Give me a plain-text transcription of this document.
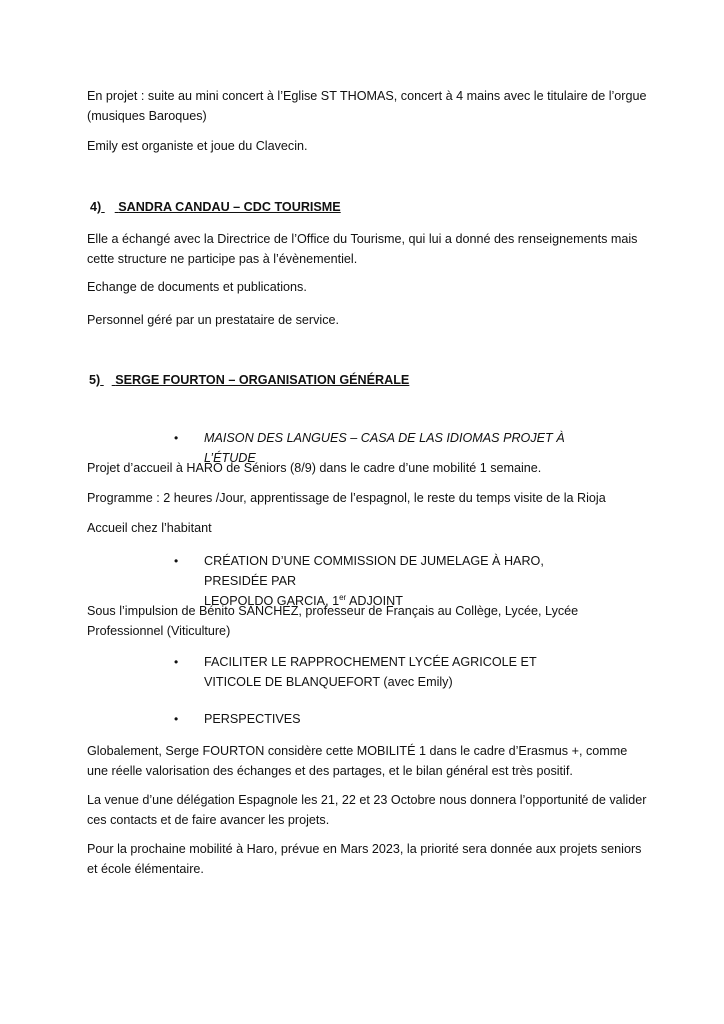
En projet : suite au mini concert à l’Eglise ST THOMAS, concert à 4 mains avec le titulaire de l’orgue (musiques Baroques)

Emily est organiste et joue du Clavecin.

4) SANDRA CANDAU – CDC TOURISME

Elle a échangé avec la Directrice de l’Office du Tourisme, qui lui a donné des renseignements mais cette structure ne participe pas à l’évènementiel.

Echange de documents et publications.

Personnel géré par un prestataire de service.

5) SERGE FOURTON – ORGANISATION GÉNÉRALE
• MAISON DES LANGUES – CASA DE LAS IDIOMAS PROJET À L’ÉTUDE

Projet d’accueil à HARO de Séniors (8/9) dans le cadre d’une mobilité 1 semaine.

Programme : 2 heures /Jour, apprentissage de l’espagnol, le reste du temps visite de la Rioja

Accueil chez l’habitant

• CRÉATION D’UNE COMMISSION DE JUMELAGE À HARO, PRESIDÉE PAR
LEOPOLDO GARCIA, 1er ADJOINT

Sous l’impulsion de Bénito SANCHEZ, professeur de Français au Collège, Lycée, Lycée Professionnel (Viticulture)

• FACILITER LE RAPPROCHEMENT LYCÉE AGRICOLE ET VITICOLE DE BLANQUEFORT (avec Emily)
• PERSPECTIVES

Globalement, Serge FOURTON considère cette MOBILITÉ 1 dans le cadre d’Erasmus +, comme une réelle valorisation des échanges et des partages, et le bilan général est très positif.

La venue d’une délégation Espagnole les 21, 22 et 23 Octobre nous donnera l’opportunité de valider ces contacts et de faire avancer les projets.

Pour la prochaine mobilité à Haro, prévue en Mars 2023, la priorité sera donnée aux projets seniors et école élémentaire.
